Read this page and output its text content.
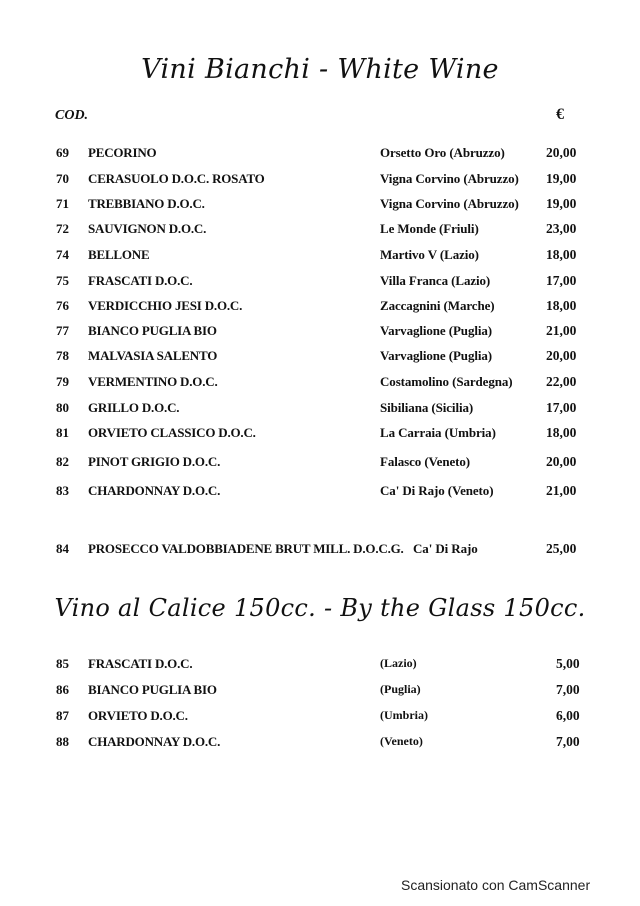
Vini Bianchi - White Wine
COD.	€
69 PECORINO	Orsetto Oro (Abruzzo)	20,00
70 CERASUOLO D.O.C. ROSATO	Vigna Corvino (Abruzzo) 19,00
71 TREBBIANO D.O.C.	Vigna Corvino (Abruzzo) 19,00
72 SAUVIGNON D.O.C.	Le Monde (Friuli)	23,00
74 BELLONE	Martivo V (Lazio)	18,00
75 FRASCATI D.O.C.	Villa Franca (Lazio)	17,00
76 VERDICCHIO JESI D.O.C.	Zaccagnini (Marche)	18,00
77 BIANCO PUGLIA BIO	Varvaglione (Puglia)	21,00
78 MALVASIA SALENTO	Varvaglione (Puglia)	20,00
79 VERMENTINO D.O.C.	Costamolino (Sardegna) 22,00
80 GRILLO D.O.C.	Sibiliana (Sicilia)	17,00
81 ORVIETO CLASSICO D.O.C.	La Carraia (Umbria)	18,00
82 PINOT GRIGIO D.O.C.	Falasco (Veneto)	20,00
83 CHARDONNAY D.O.C.	Ca' Di Rajo (Veneto)	21,00
84 PROSECCO VALDOBBIADENE BRUT MILL. D.O.C.G. Ca' Di Rajo	25,00
Vino al Calice 150cc. - By the Glass 150cc.
85 FRASCATI D.O.C.	(Lazio)	5,00
86 BIANCO PUGLIA BIO	(Puglia)	7,00
87 ORVIETO D.O.C.	(Umbria)	6,00
88 CHARDONNAY D.O.C.	(Veneto)	7,00
Scansionato con CamScanner
